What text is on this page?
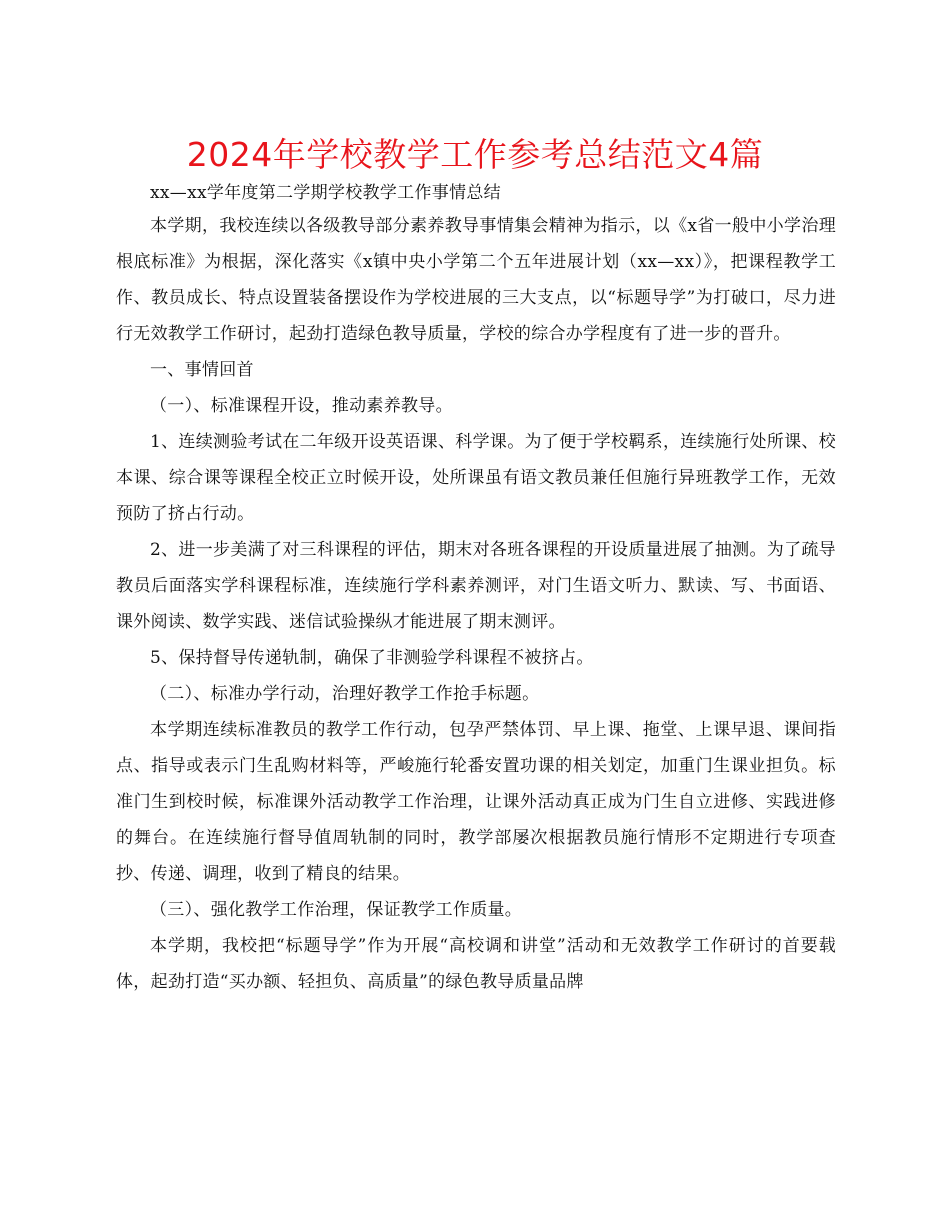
2024年学校教学工作参考总结范文4篇

xx—xx学年度第二学期学校教学工作事情总结

本学期，我校连续以各级教导部分素养教导事情集会精神为指示，以《x省一般中小学治理根底标准》为根据，深化落实《x镇中央小学第二个五年进展计划（xx—xx）》，把课程教学工作、教员成长、特点设置装备摆设作为学校进展的三大支点，以“标题导学”为打破口，尽力进行无效教学工作研讨，起劲打造绿色教导质量，学校的综合办学程度有了进一步的晋升。

一、事情回首

（一）、标准课程开设，推动素养教导。

1、连续测验考试在二年级开设英语课、科学课。为了便于学校羁系，连续施行处所课、校本课、综合课等课程全校正立时候开设，处所课虽有语文教员兼任但施行异班教学工作，无效预防了挤占行动。

2、进一步美满了对三科课程的评估，期末对各班各课程的开设质量进展了抽测。为了疏导教员后面落实学科课程标准，连续施行学科素养测评，对门生语文听力、默读、写、书面语、课外阅读、数学实践、迷信试验操纵才能进展了期末测评。

5、保持督导传递轨制，确保了非测验学科课程不被挤占。

（二）、标准办学行动，治理好教学工作抢手标题。

本学期连续标准教员的教学工作行动，包孕严禁体罚、早上课、拖堂、上课早退、课间指点、指导或表示门生乱购材料等，严峻施行轮番安置功课的相关划定，加重门生课业担负。标准门生到校时候，标准课外活动教学工作治理，让课外活动真正成为门生自立进修、实践进修的舞台。在连续施行督导值周轨制的同时，教学部屡次根据教员施行情形不定期进行专项查抄、传递、调理，收到了精良的结果。

（三）、强化教学工作治理，保证教学工作质量。

本学期，我校把“标题导学”作为开展“高校调和讲堂”活动和无效教学工作研讨的首要载体，起劲打造“买办额、轻担负、高质量”的绿色教导质量品牌
